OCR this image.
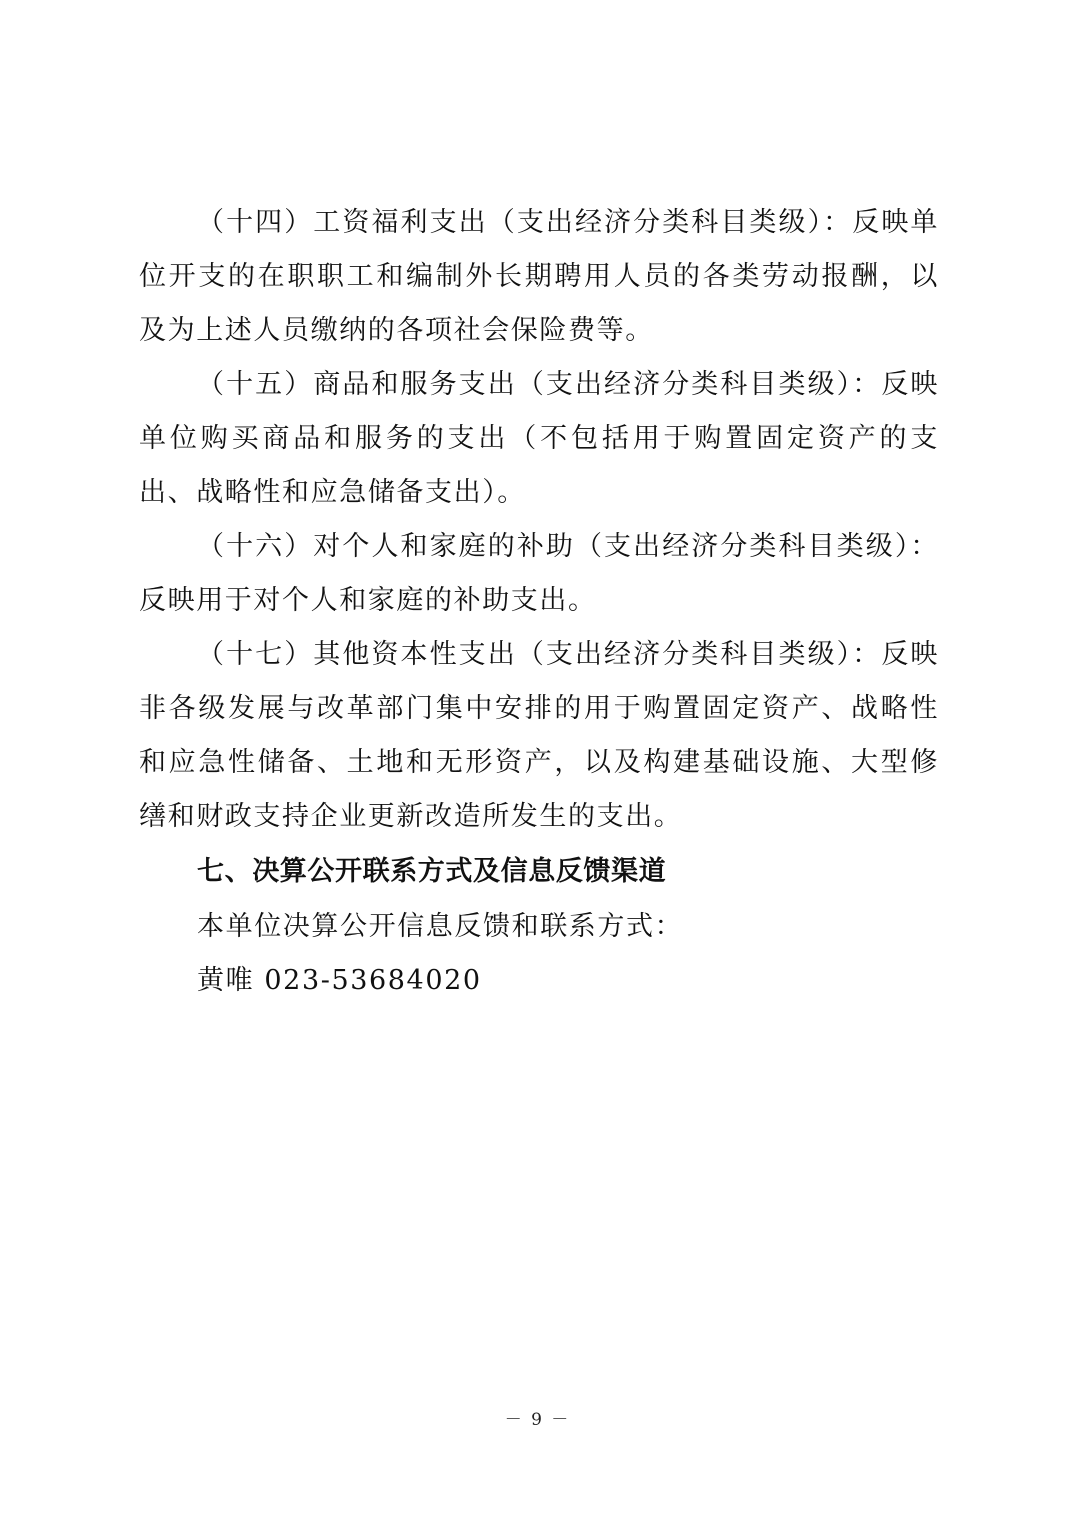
（十四）工资福利支出（支出经济分类科目类级）：反映单位开支的在职职工和编制外长期聘用人员的各类劳动报酬，以及为上述人员缴纳的各项社会保险费等。

（十五）商品和服务支出（支出经济分类科目类级）：反映单位购买商品和服务的支出（不包括用于购置固定资产的支出、战略性和应急储备支出）。

（十六）对个人和家庭的补助（支出经济分类科目类级）：反映用于对个人和家庭的补助支出。

（十七）其他资本性支出（支出经济分类科目类级）：反映非各级发展与改革部门集中安排的用于购置固定资产、战略性和应急性储备、土地和无形资产，以及构建基础设施、大型修缮和财政支持企业更新改造所发生的支出。

七、决算公开联系方式及信息反馈渠道

本单位决算公开信息反馈和联系方式：

黄唯 023-53684020

－ 9 －
